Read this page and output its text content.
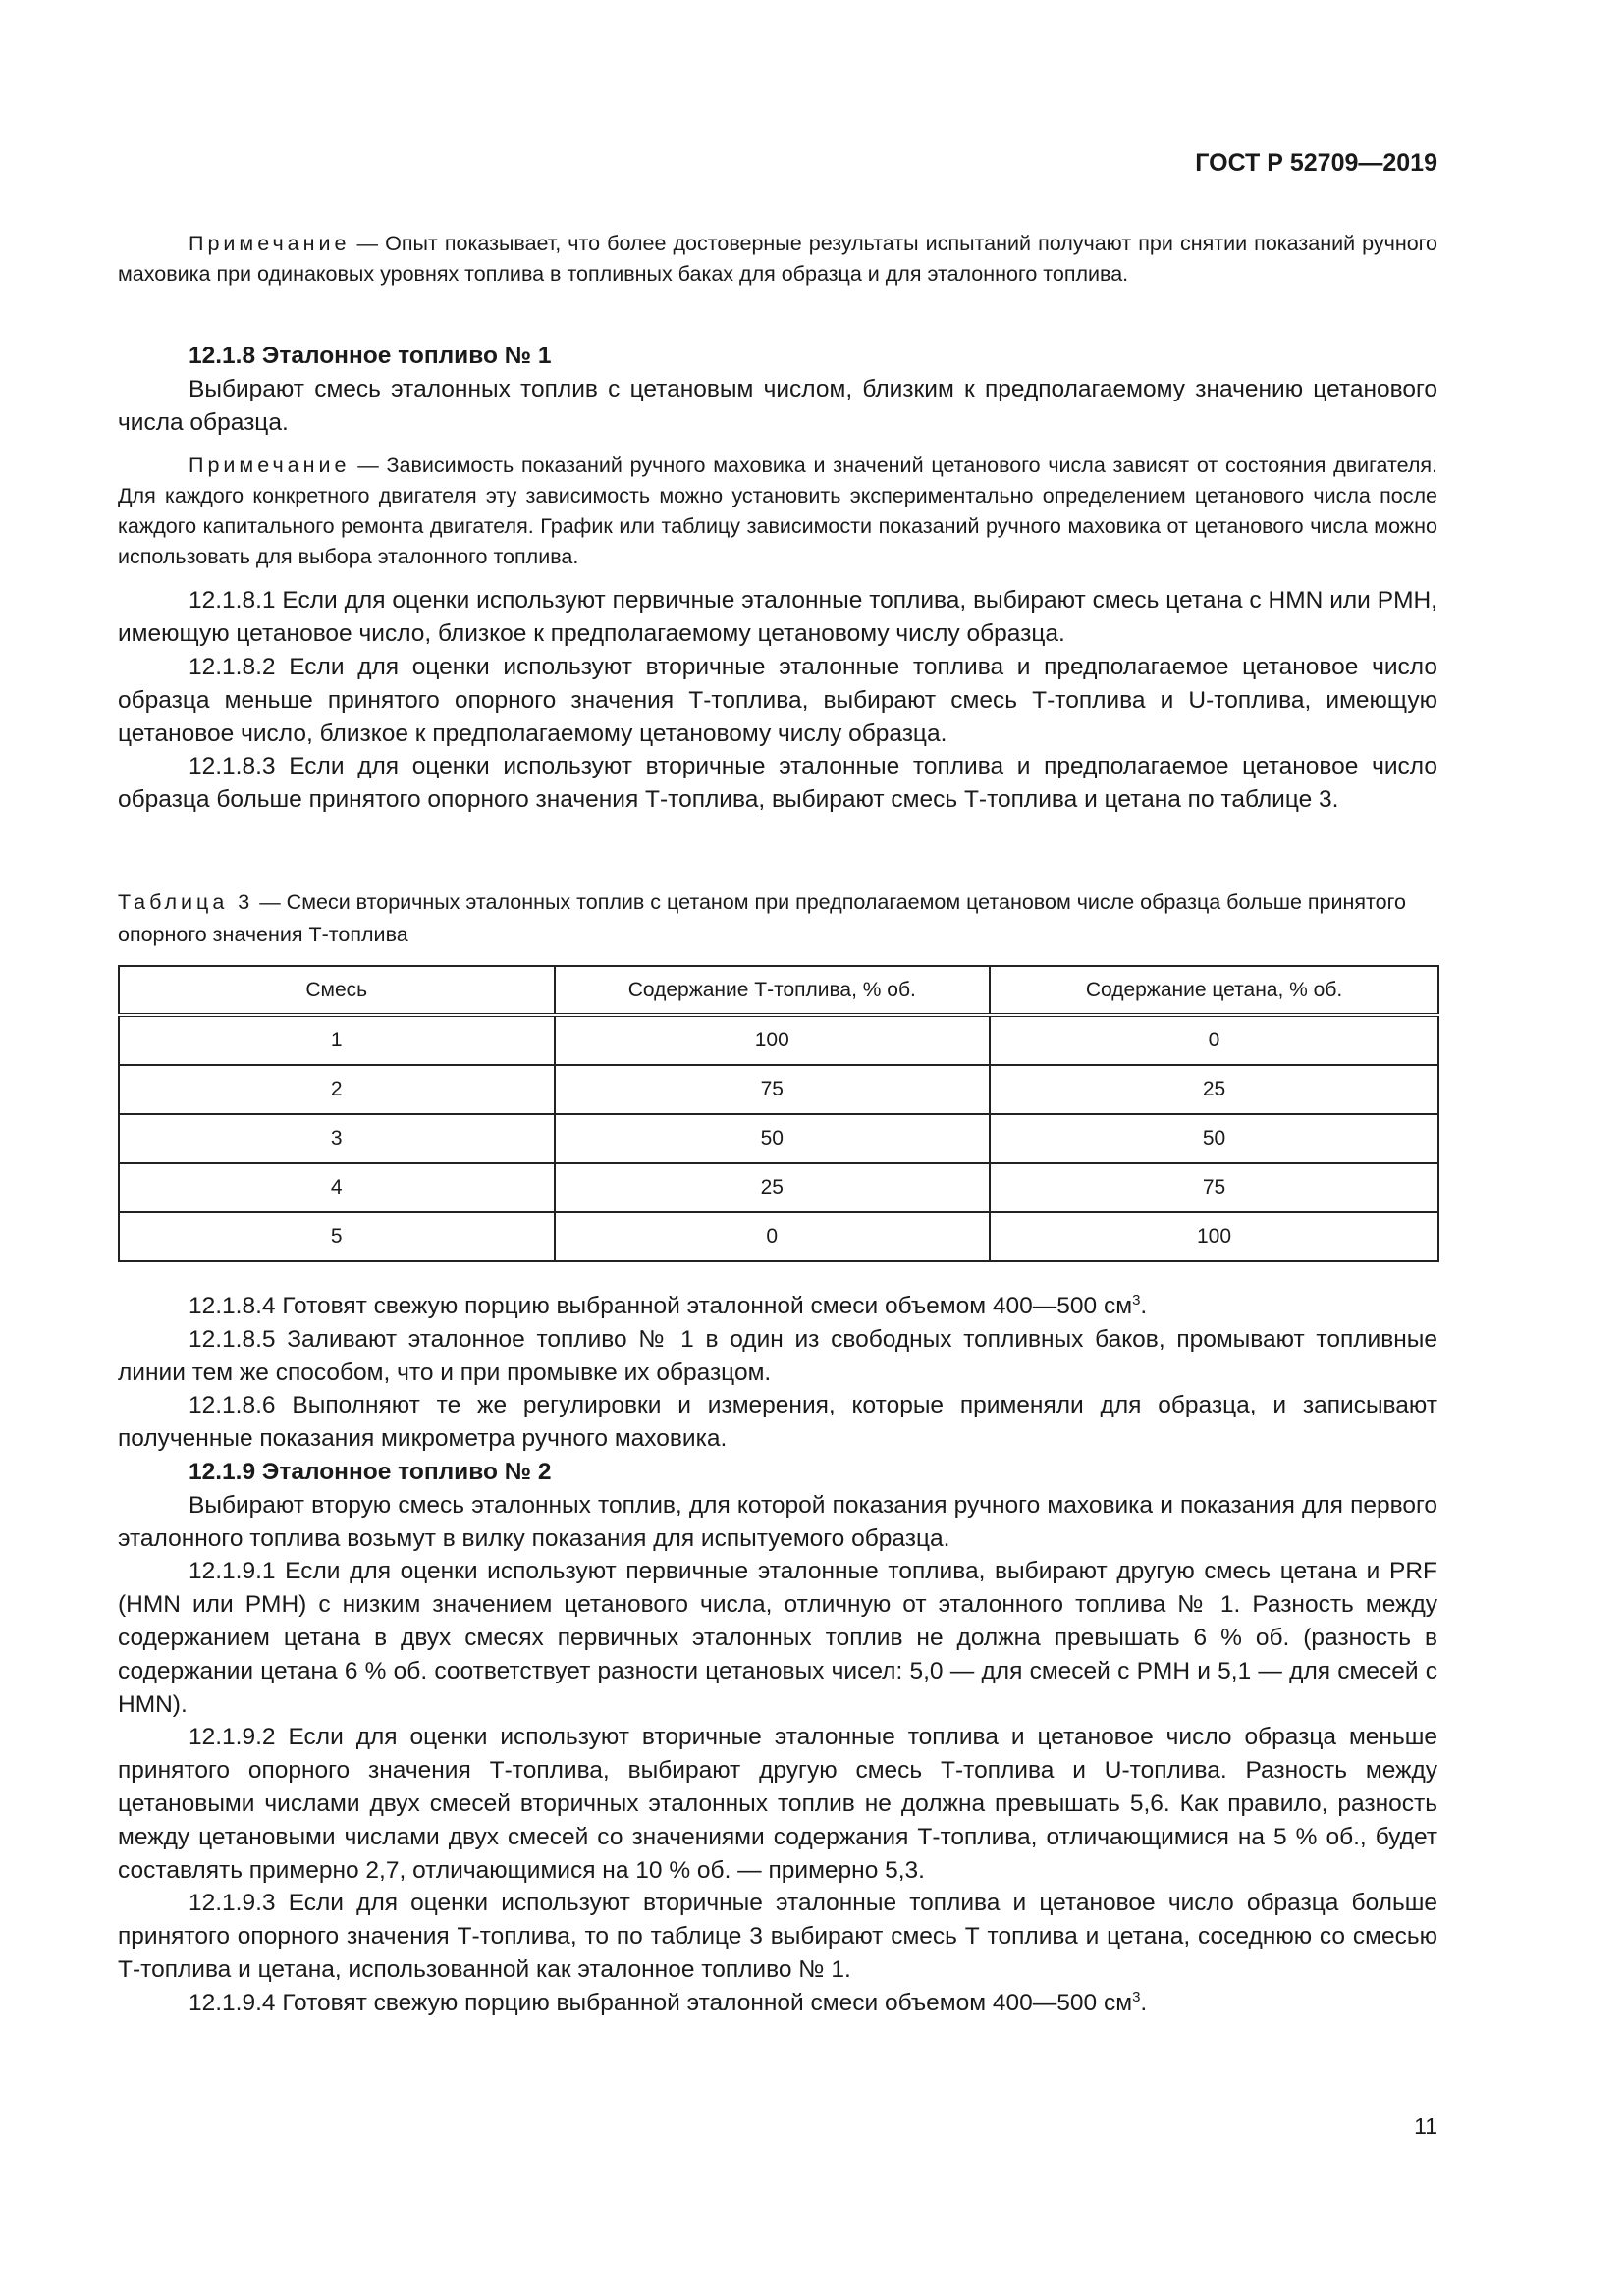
ГОСТ Р 52709—2019

Примечание — Опыт показывает, что более достоверные результаты испытаний получают при снятии показаний ручного маховика при одинаковых уровнях топлива в топливных баках для образца и для эталонного топлива.

12.1.8 Эталонное топливо № 1

Выбирают смесь эталонных топлив с цетановым числом, близким к предполагаемому значению цетанового числа образца.

Примечание — Зависимость показаний ручного маховика и значений цетанового числа зависят от состояния двигателя. Для каждого конкретного двигателя эту зависимость можно установить экспериментально определением цетанового числа после каждого капитального ремонта двигателя. График или таблицу зависимости показаний ручного маховика от цетанового числа можно использовать для выбора эталонного топлива.

12.1.8.1 Если для оценки используют первичные эталонные топлива, выбирают смесь цетана с HMN или PMH, имеющую цетановое число, близкое к предполагаемому цетановому числу образца.

12.1.8.2 Если для оценки используют вторичные эталонные топлива и предполагаемое цетановое число образца меньше принятого опорного значения Т-топлива, выбирают смесь Т-топлива и U-топлива, имеющую цетановое число, близкое к предполагаемому цетановому числу образца.

12.1.8.3 Если для оценки используют вторичные эталонные топлива и предполагаемое цетановое число образца больше принятого опорного значения Т-топлива, выбирают смесь Т-топлива и цетана по таблице 3.

Таблица 3 — Смеси вторичных эталонных топлив с цетаном при предполагаемом цетановом числе образца больше принятого опорного значения Т-топлива

Смесь	Содержание Т-топлива, % об.	Содержание цетана, % об.
1	100	0
2	75	25
3	50	50
4	25	75
5	0	100

12.1.8.4 Готовят свежую порцию выбранной эталонной смеси объемом 400—500 $см^3$.

12.1.8.5 Заливают эталонное топливо № 1 в один из свободных топливных баков, промывают топливные линии тем же способом, что и при промывке их образцом.

12.1.8.6 Выполняют те же регулировки и измерения, которые применяли для образца, и записывают полученные показания микрометра ручного маховика.

12.1.9 Эталонное топливо № 2

Выбирают вторую смесь эталонных топлив, для которой показания ручного маховика и показания для первого эталонного топлива возьмут в вилку показания для испытуемого образца.

12.1.9.1 Если для оценки используют первичные эталонные топлива, выбирают другую смесь цетана и PRF (HMN или PMH) с низким значением цетанового числа, отличную от эталонного топлива № 1. Разность между содержанием цетана в двух смесях первичных эталонных топлив не должна превышать 6 % об. (разность в содержании цетана 6 % об. соответствует разности цетановых чисел: 5,0 — для смесей с PMH и 5,1 — для смесей с HMN).

12.1.9.2 Если для оценки используют вторичные эталонные топлива и цетановое число образца меньше принятого опорного значения Т-топлива, выбирают другую смесь Т-топлива и U-топлива. Разность между цетановыми числами двух смесей вторичных эталонных топлив не должна превышать 5,6. Как правило, разность между цетановыми числами двух смесей со значениями содержания Т-топлива, отличающимися на 5 % об., будет составлять примерно 2,7, отличающимися на 10 % об. — примерно 5,3.

12.1.9.3 Если для оценки используют вторичные эталонные топлива и цетановое число образца больше принятого опорного значения Т-топлива, то по таблице 3 выбирают смесь Т топлива и цетана, соседнюю со смесью Т-топлива и цетана, использованной как эталонное топливо № 1.

12.1.9.4 Готовят свежую порцию выбранной эталонной смеси объемом 400—500 $см^3$.

11
